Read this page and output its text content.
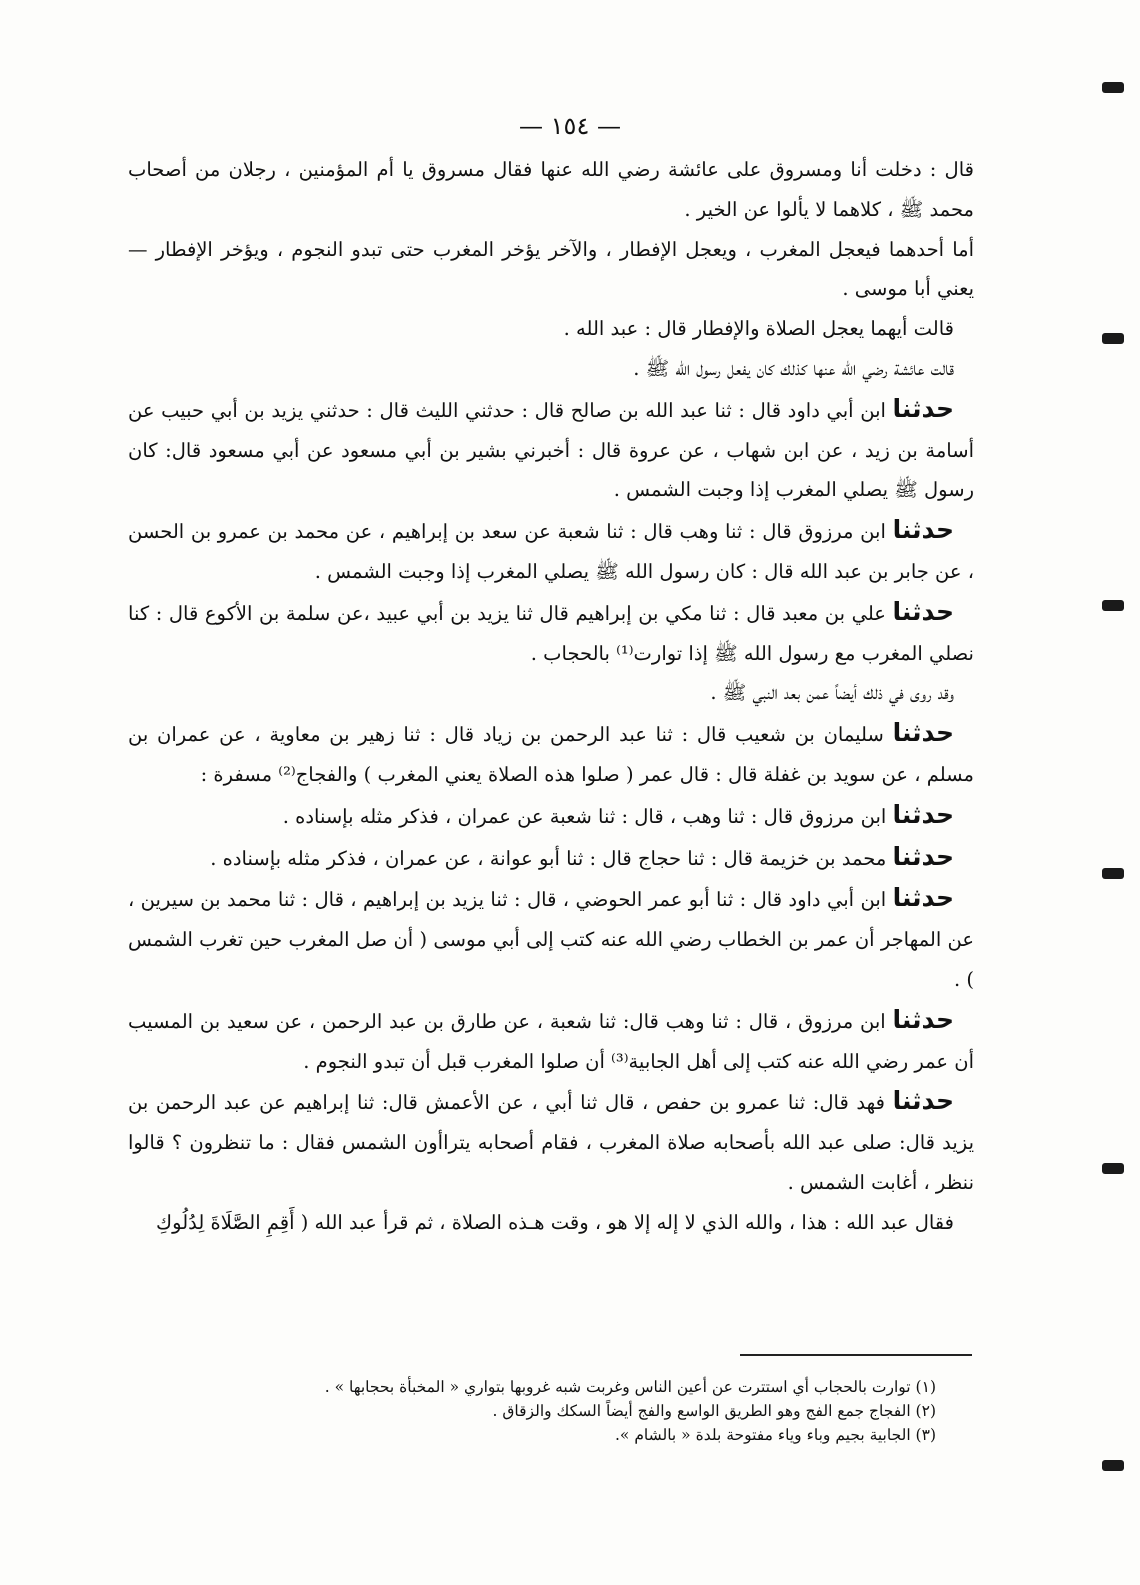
— ١٥٤ —

قال : دخلت أنا ومسروق على عائشة رضي الله عنها فقال مسروق يا أم المؤمنين ، رجلان من أصحاب محمد ﷺ ، كلاهما لا يألوا عن الخير .

أما أحدهما فيعجل المغرب ، ويعجل الإفطار ، والآخر يؤخر المغرب حتى تبدو النجوم ، ويؤخر الإفطار — يعني أبا موسى .

قالت أيهما يعجل الصلاة والإفطار قال : عبد الله .

قالت عائشة رضي الله عنها كذلك كان يفعل رسول الله ﷺ .

حدثنا ابن أبي داود قال : ثنا عبد الله بن صالح قال : حدثني الليث قال : حدثني يزيد بن أبي حبيب عن أسامة بن زيد ، عن ابن شهاب ، عن عروة قال : أخبرني بشير بن أبي مسعود عن أبي مسعود قال: كان رسول ﷺ يصلي المغرب إذا وجبت الشمس .

حدثنا ابن مرزوق قال : ثنا وهب قال : ثنا شعبة عن سعد بن إبراهيم ، عن محمد بن عمرو بن الحسن ، عن جابر بن عبد الله قال : كان رسول الله ﷺ يصلي المغرب إذا وجبت الشمس .

حدثنا علي بن معبد قال : ثنا مكي بن إبراهيم قال ثنا يزيد بن أبي عبيد ،عن سلمة بن الأكوع قال : كنا نصلي المغرب مع رسول الله ﷺ إذا توارت⁽¹⁾ بالحجاب .

وقد روى في ذلك أيضاً عمن بعد النبي ﷺ .

حدثنا سليمان بن شعيب قال : ثنا عبد الرحمن بن زياد قال : ثنا زهير بن معاوية ، عن عمران بن مسلم ، عن سويد بن غفلة قال : قال عمر ( صلوا هذه الصلاة يعني المغرب ) والفجاج⁽²⁾ مسفرة :

حدثنا ابن مرزوق قال : ثنا وهب ، قال : ثنا شعبة عن عمران ، فذكر مثله بإسناده .

حدثنا محمد بن خزيمة قال : ثنا حجاج قال : ثنا أبو عوانة ، عن عمران ، فذكر مثله بإسناده .

حدثنا ابن أبي داود قال : ثنا أبو عمر الحوضي ، قال : ثنا يزيد بن إبراهيم ، قال : ثنا محمد بن سيرين ، عن المهاجر أن عمر بن الخطاب رضي الله عنه كتب إلى أبي موسى ( أن صل المغرب حين تغرب الشمس ) .

حدثنا ابن مرزوق ، قال : ثنا وهب قال: ثنا شعبة ، عن طارق بن عبد الرحمن ، عن سعيد بن المسيب أن عمر رضي الله عنه كتب إلى أهل الجابية⁽³⁾ أن صلوا المغرب قبل أن تبدو النجوم .

حدثنا فهد قال: ثنا عمرو بن حفص ، قال ثنا أبي ، عن الأعمش قال: ثنا إبراهيم عن عبد الرحمن بن يزيد قال: صلى عبد الله بأصحابه صلاة المغرب ، فقام أصحابه يتراأون الشمس فقال : ما تنظرون ؟ قالوا ننظر ، أغابت الشمس .

فقال عبد الله : هذا ، والله الذي لا إله إلا هو ، وقت هـذه الصلاة ، ثم قرأ عبد الله ( أَقِمِ الصَّلَاةَ لِدُلُوكِ

(١) توارت بالحجاب أي استترت عن أعين الناس وغربت شبه غروبها بتواري « المخبأة بحجابها » .

(٢) الفجاج جمع الفج وهو الطريق الواسع والفج أيضاً السكك والزقاق .

(٣) الجابية بجيم وباء وياء مفتوحة بلدة « بالشام ».
